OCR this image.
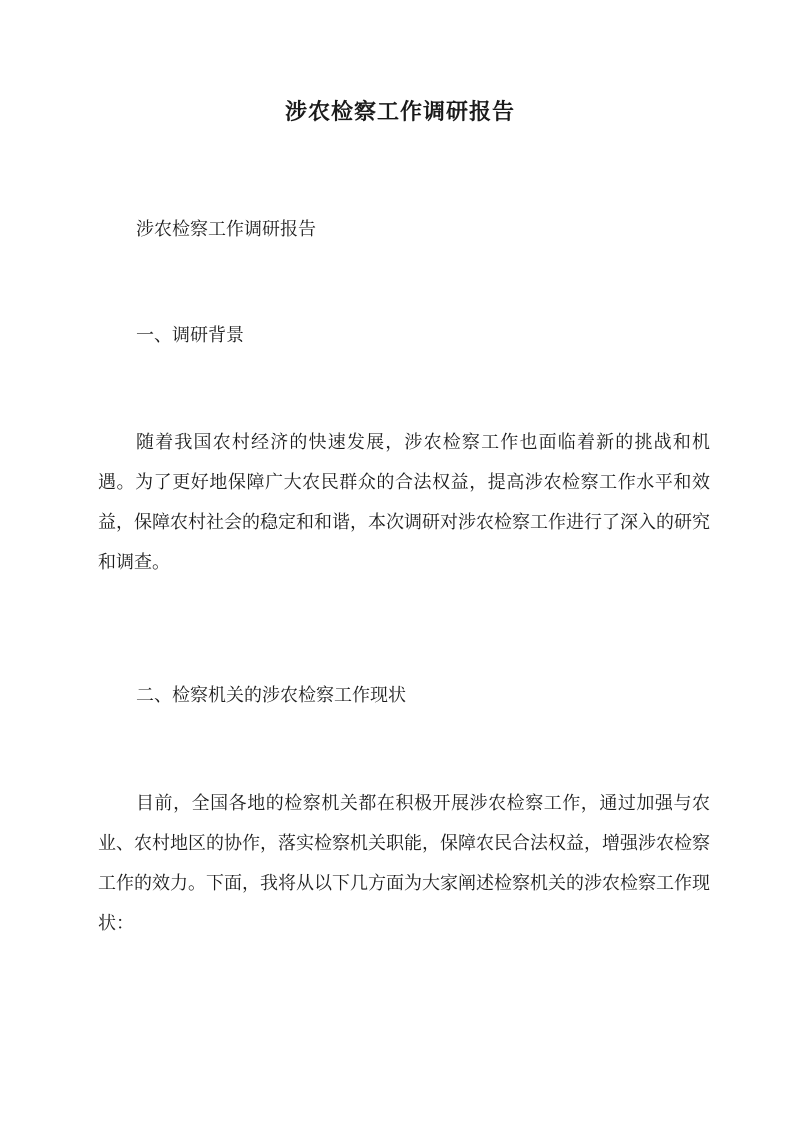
涉农检察工作调研报告
涉农检察工作调研报告
一、调研背景
随着我国农村经济的快速发展，涉农检察工作也面临着新的挑战和机遇。为了更好地保障广大农民群众的合法权益，提高涉农检察工作水平和效益，保障农村社会的稳定和和谐，本次调研对涉农检察工作进行了深入的研究和调查。
二、检察机关的涉农检察工作现状
目前，全国各地的检察机关都在积极开展涉农检察工作，通过加强与农业、农村地区的协作，落实检察机关职能，保障农民合法权益，增强涉农检察工作的效力。下面，我将从以下几方面为大家阐述检察机关的涉农检察工作现状：
